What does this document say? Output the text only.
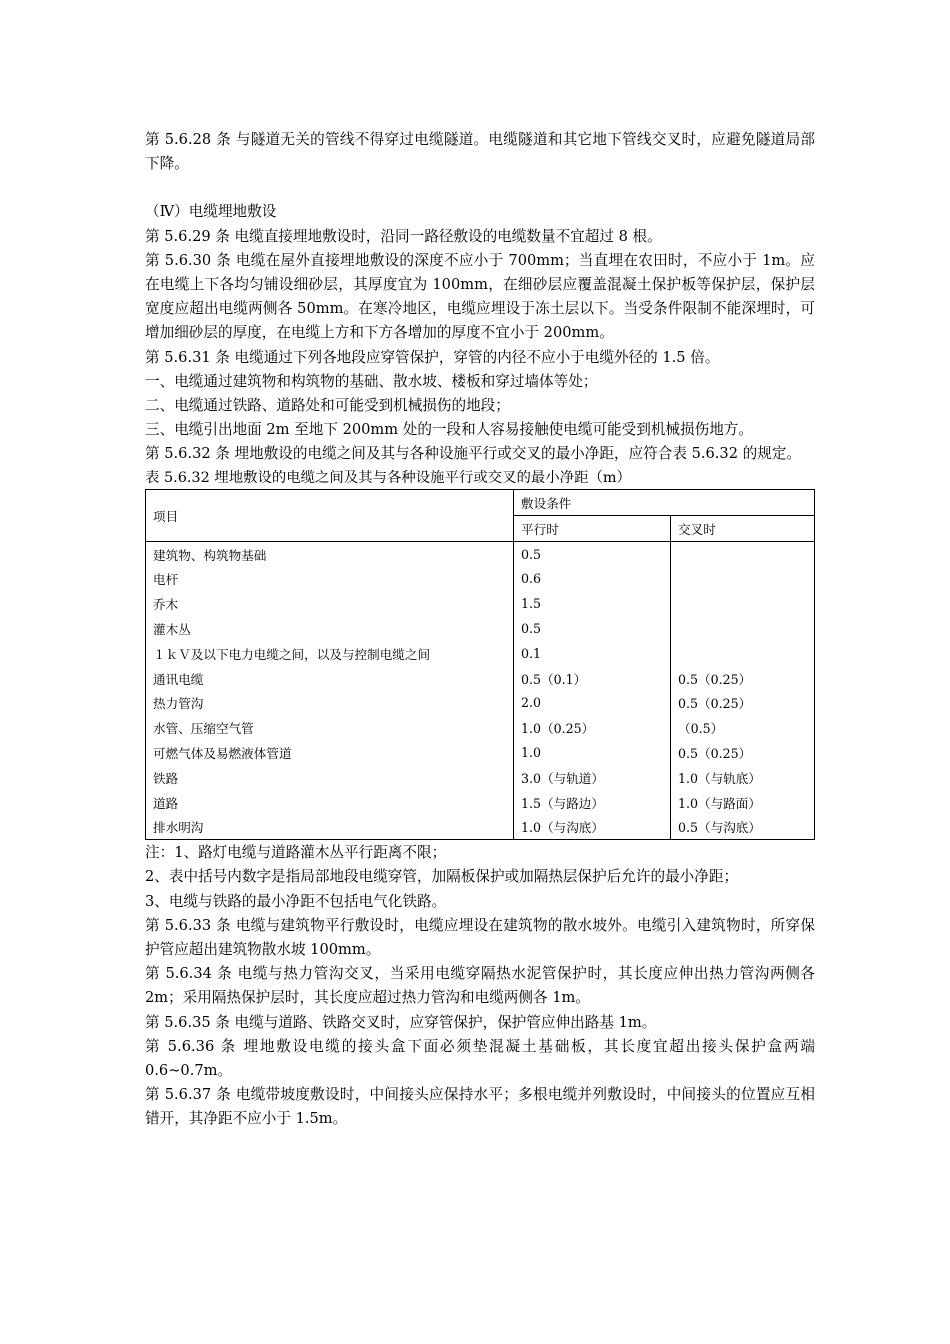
第 5.6.28 条 与隧道无关的管线不得穿过电缆隧道。电缆隧道和其它地下管线交叉时，应避免隧道局部下降。

（Ⅳ）电缆埋地敷设

第 5.6.29 条 电缆直接埋地敷设时，沿同一路径敷设的电缆数量不宜超过 8 根。

第 5.6.30 条 电缆在屋外直接埋地敷设的深度不应小于 700mm；当直埋在农田时，不应小于 1m。应在电缆上下各均匀铺设细砂层，其厚度宜为 100mm，在细砂层应覆盖混凝土保护板等保护层，保护层宽度应超出电缆两侧各 50mm。在寒冷地区，电缆应埋设于冻土层以下。当受条件限制不能深埋时，可增加细砂层的厚度，在电缆上方和下方各增加的厚度不宜小于 200mm。

第 5.6.31 条 电缆通过下列各地段应穿管保护，穿管的内径不应小于电缆外径的 1.5 倍。

一、电缆通过建筑物和构筑物的基础、散水坡、楼板和穿过墙体等处；

二、电缆通过铁路、道路处和可能受到机械损伤的地段；

三、电缆引出地面 2m 至地下 200mm 处的一段和人容易接触使电缆可能受到机械损伤地方。

第 5.6.32 条 埋地敷设的电缆之间及其与各种设施平行或交叉的最小净距，应符合表 5.6.32 的规定。

表 5.6.32 埋地敷设的电缆之间及其与各种设施平行或交叉的最小净距（m）

项目	敷设条件	
	平行时	交叉时
建筑物、构筑物基础	0.5	
电杆	0.6	
乔木	1.5	
灌木丛	0.5	
１ｋＶ及以下电力电缆之间，以及与控制电缆之间	0.1	
通讯电缆	0.5（0.1）	0.5（0.25）
热力管沟	2.0	0.5（0.25）
水管、压缩空气管	1.0（0.25）	（0.5）
可燃气体及易燃液体管道	1.0	0.5（0.25）
铁路	3.0（与轨道）	1.0（与轨底）
道路	1.5（与路边）	1.0（与路面）
排水明沟	1.0（与沟底）	0.5（与沟底）

注：1、路灯电缆与道路灌木丛平行距离不限；

2、表中括号内数字是指局部地段电缆穿管，加隔板保护或加隔热层保护后允许的最小净距；

3、电缆与铁路的最小净距不包括电气化铁路。

第 5.6.33 条 电缆与建筑物平行敷设时，电缆应埋设在建筑物的散水坡外。电缆引入建筑物时，所穿保护管应超出建筑物散水坡 100mm。

第 5.6.34 条 电缆与热力管沟交叉，当采用电缆穿隔热水泥管保护时，其长度应伸出热力管沟两侧各 2m；采用隔热保护层时，其长度应超过热力管沟和电缆两侧各 1m。

第 5.6.35 条 电缆与道路、铁路交叉时，应穿管保护，保护管应伸出路基 1m。

第 5.6.36 条 埋地敷设电缆的接头盒下面必须垫混凝土基础板，其长度宜超出接头保护盒两端 0.6~0.7m。

第 5.6.37 条 电缆带坡度敷设时，中间接头应保持水平；多根电缆并列敷设时，中间接头的位置应互相错开，其净距不应小于 1.5m。
